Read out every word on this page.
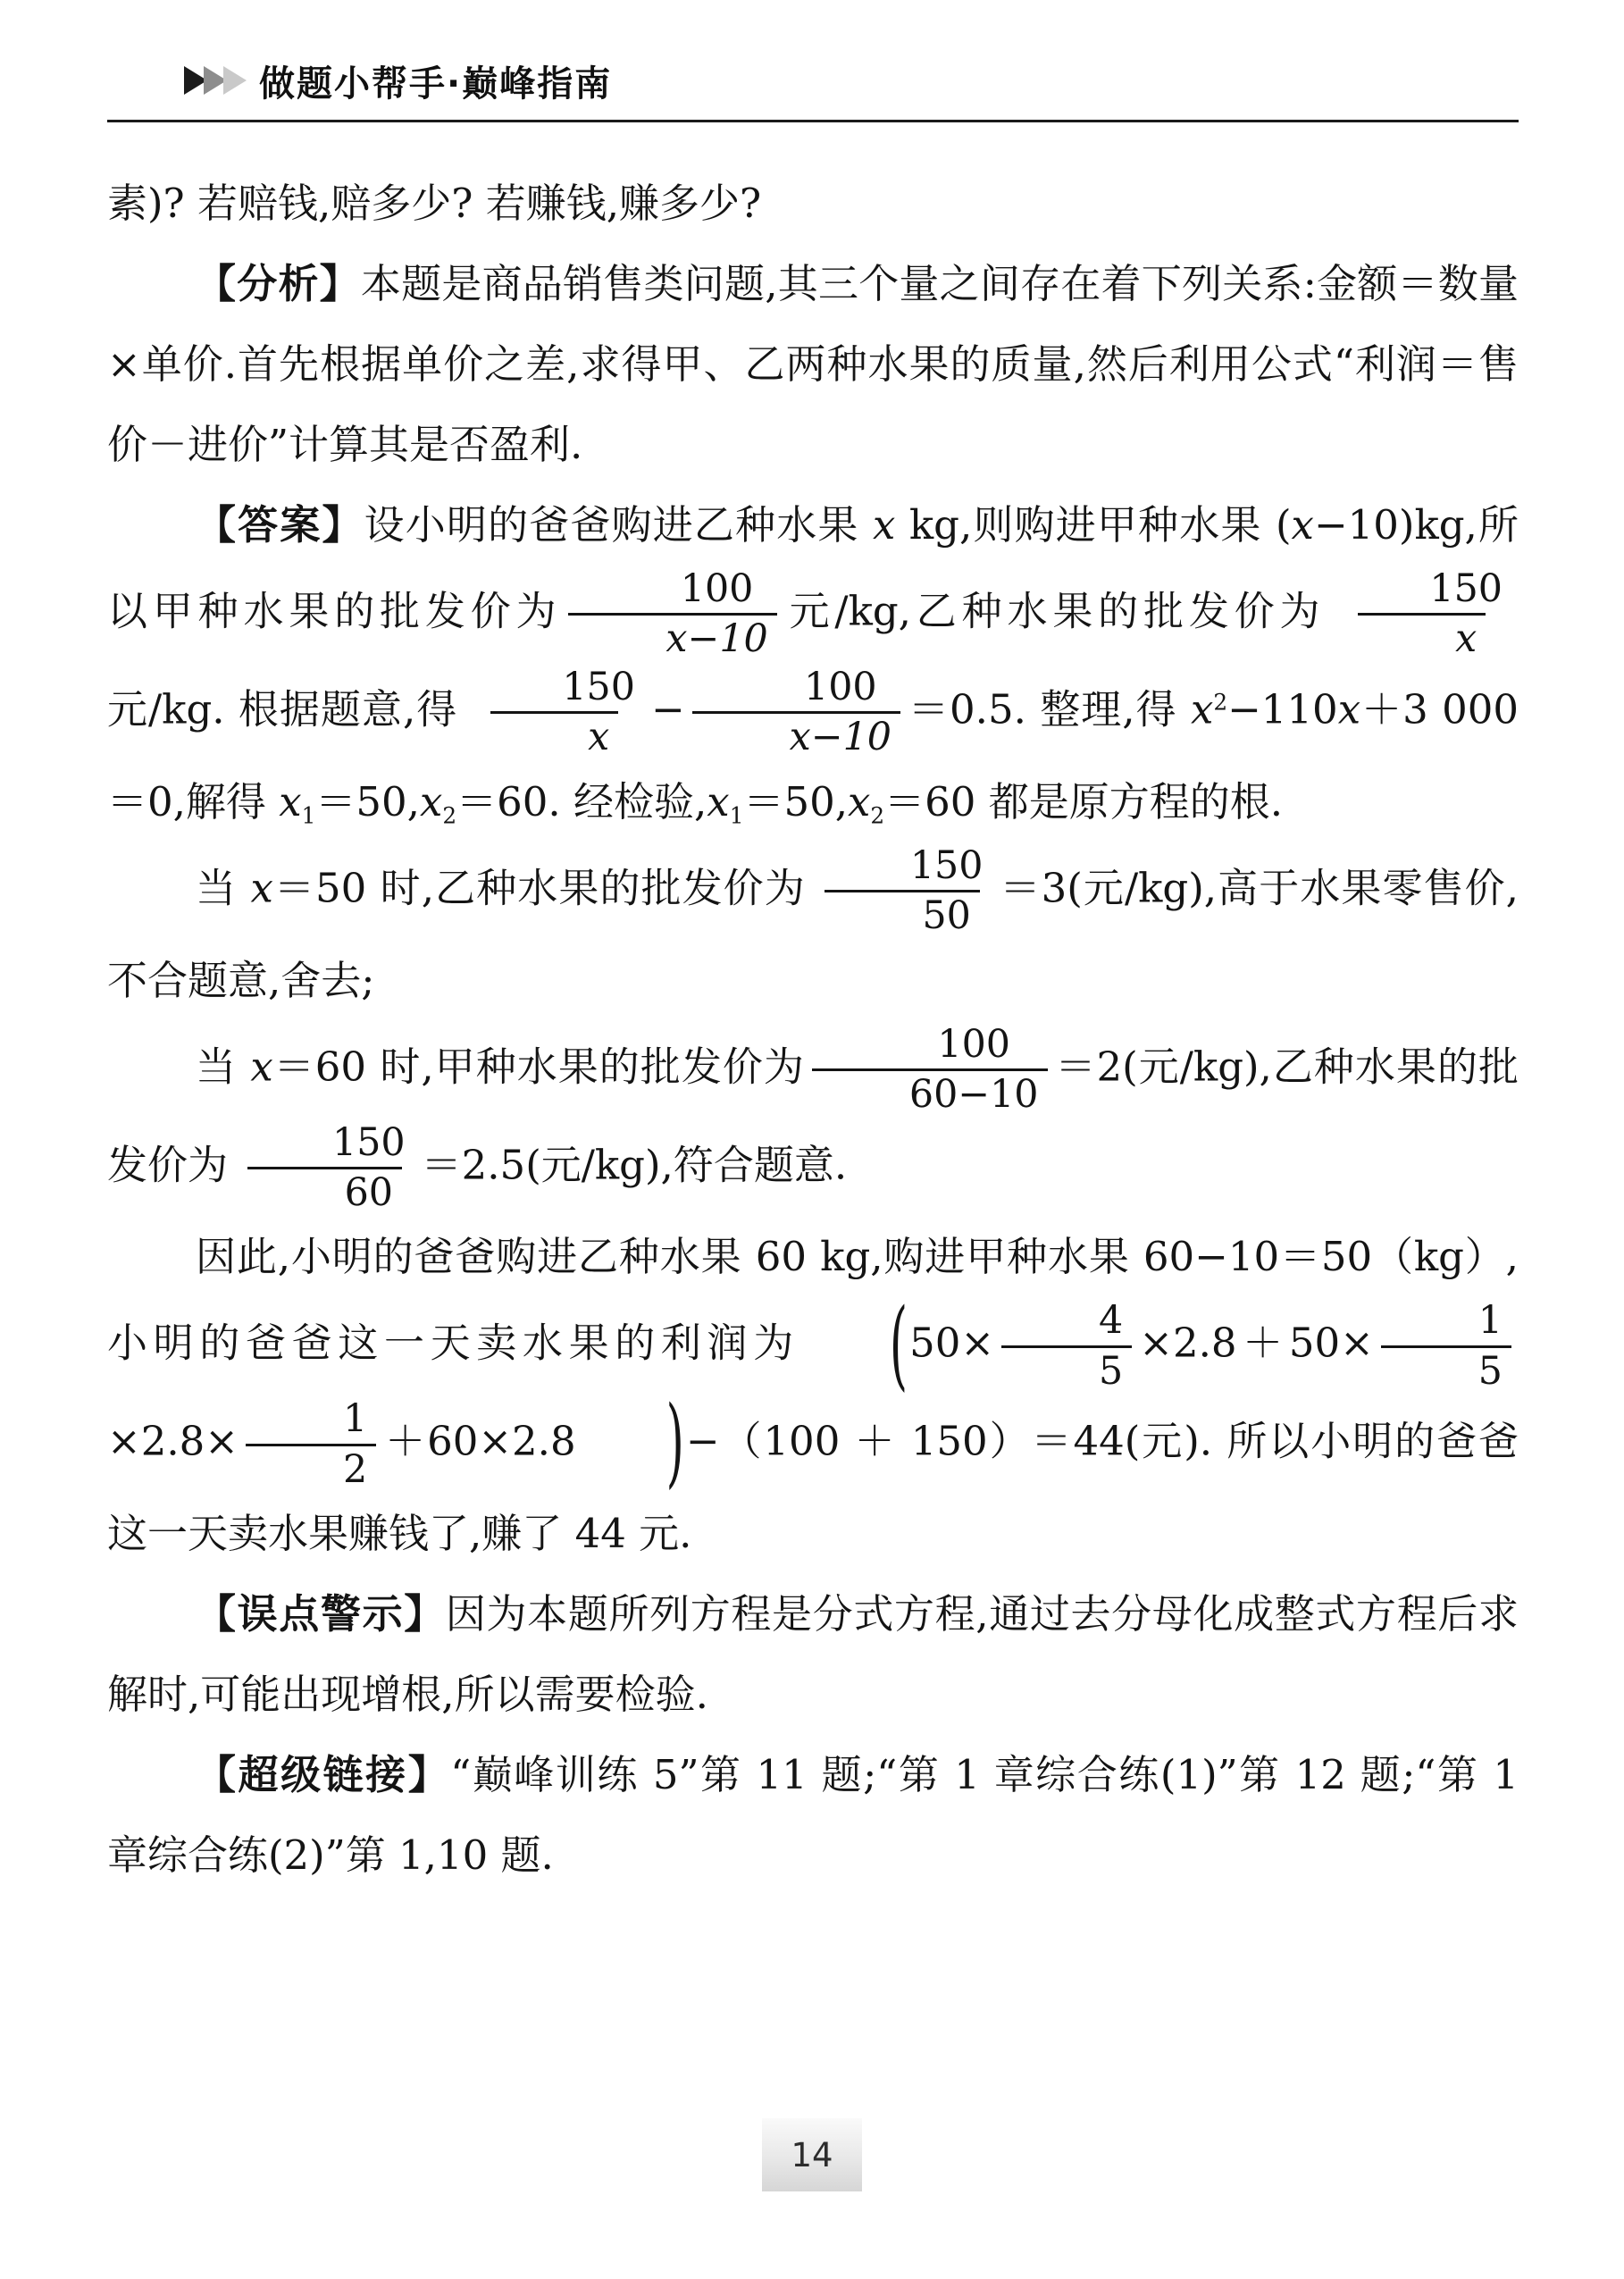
做题小帮手·巅峰指南

素)? 若赔钱,赔多少? 若赚钱,赚多少?

【分析】本题是商品销售类问题,其三个量之间存在着下列关系:金额＝数量×单价.首先根据单价之差,求得甲、乙两种水果的质量,然后利用公式“利润＝售价－进价”计算其是否盈利.

【答案】设小明的爸爸购进乙种水果 x kg,则购进甲种水果 (x−10)kg,所以甲种水果的批发价为 $\frac{100}{x-10}$ 元/kg,乙种水果的批发价为 $\frac{150}{x}$
元/kg. 根据题意,得 $\frac{150}{x} - \frac{100}{x-10} =0.5$. 整理,得 $x^2-110x+3$ 000＝0,解得 $x_1=50,x_2=60$. 经检验$,x_1=50,x_2=60$ 都是原方程的根.

当 x＝50 时,乙种水果的批发价为 $\frac{150}{50} =3$(元/kg),高于水果零售价,不合题意,舍去;

当 x＝60 时,甲种水果的批发价为 $\frac{100}{60-10} =2$(元/kg),乙种水果的批发价为 $\frac{150}{60} =2.5$(元/kg),符合题意.

因此,小明的爸爸购进乙种水果 60 kg,购进甲种水果 60−10＝50（kg）,小明的爸爸这一天卖水果的利润为 ($50\times \frac{4}{5} \times 2.8+50\times \frac{1}{5}$
$\times 2.8\times \frac{1}{2} +60\times 2.8$ )−（100 ＋ 150）＝44(元). 所以小明的爸爸这一天卖水果赚钱了,赚了 44 元.

【误点警示】因为本题所列方程是分式方程,通过去分母化成整式方程后求解时,可能出现增根,所以需要检验.

【超级链接】“巅峰训练 5”第 11 题;“第 1 章综合练(1)”第 12 题;“第 1 章综合练(2)”第 1,10 题.

14
